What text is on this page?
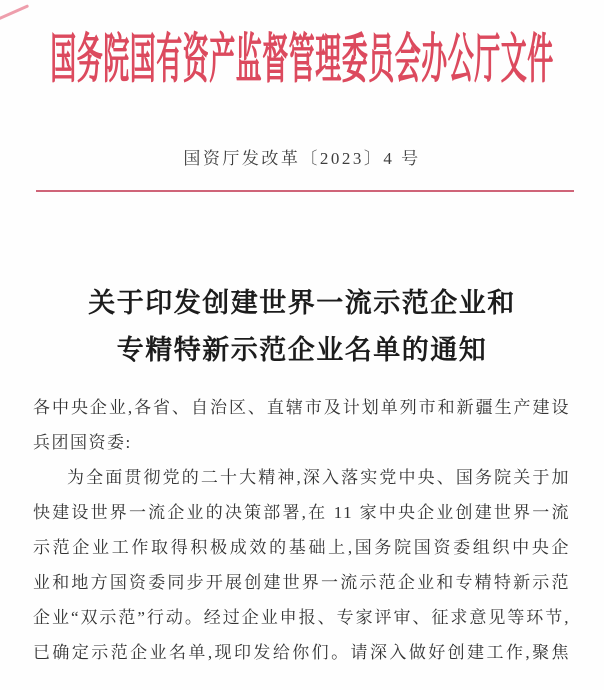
国务院国有资产监督管理委员会办公厅文件
国资厅发改革〔2023〕4 号
关于印发创建世界一流示范企业和
专精特新示范企业名单的通知
各中央企业,各省、自治区、直辖市及计划单列市和新疆生产建设
兵团国资委:
为全面贯彻党的二十大精神,深入落实党中央、国务院关于加
快建设世界一流企业的决策部署,在 11 家中央企业创建世界一流
示范企业工作取得积极成效的基础上,国务院国资委组织中央企
业和地方国资委同步开展创建世界一流示范企业和专精特新示范
企业“双示范”行动。经过企业申报、专家评审、征求意见等环节,
已确定示范企业名单,现印发给你们。请深入做好创建工作,聚焦
